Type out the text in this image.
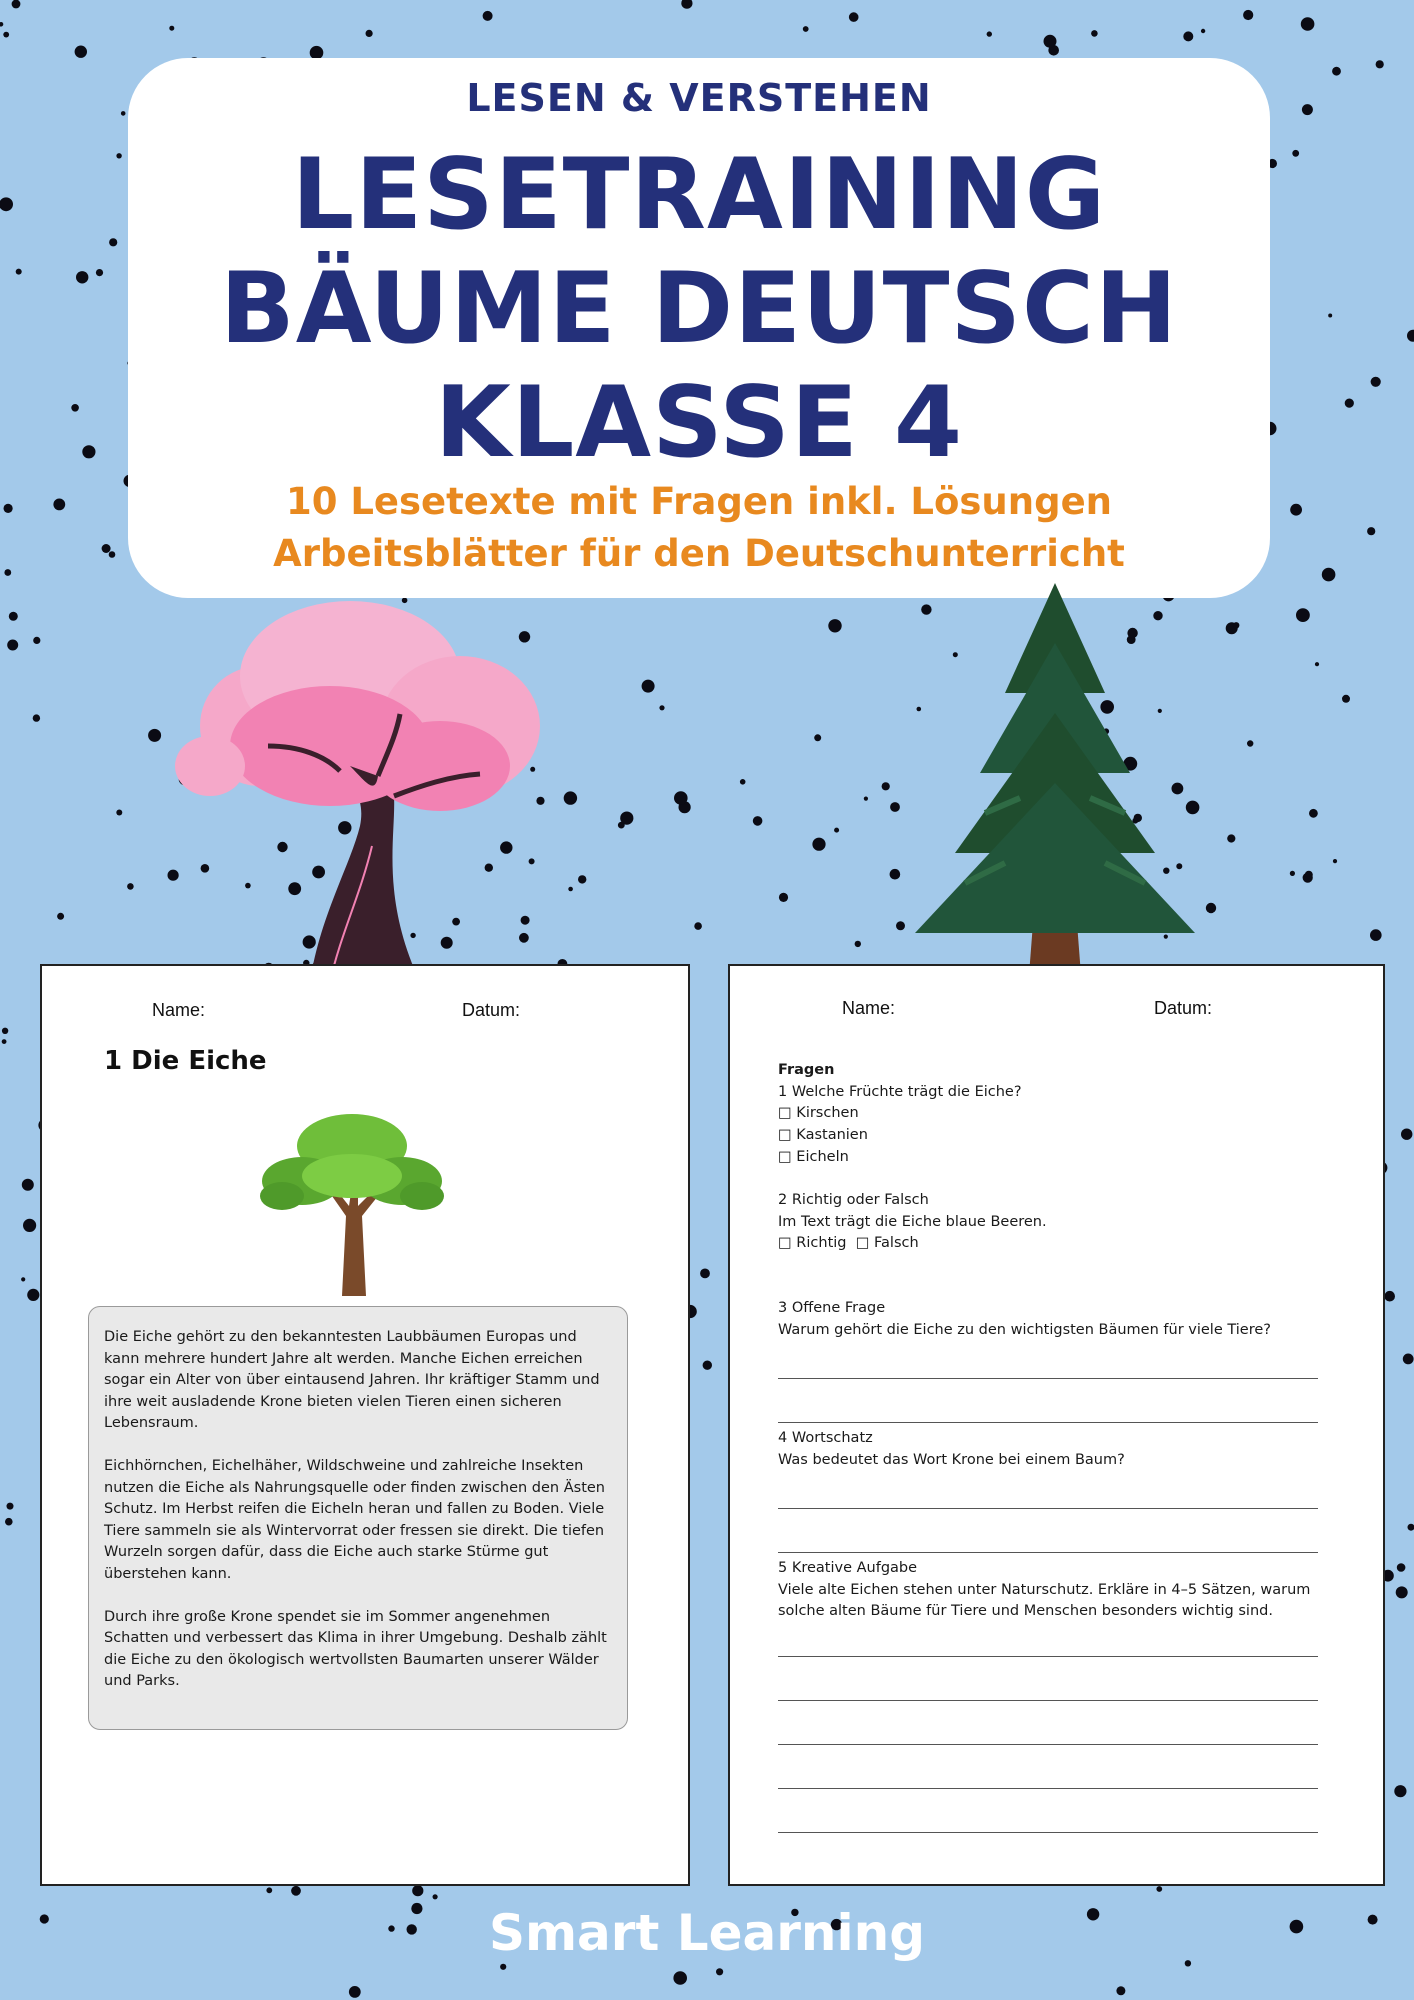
LESEN & VERSTEHEN
LESETRAINING
BÄUME DEUTSCH
KLASSE 4
10 Lesetexte mit Fragen inkl. Lösungen
Arbeitsblätter für den Deutschunterricht
Name:	Datum:
1 Die Eiche

Die Eiche gehört zu den bekanntesten Laubbäumen Europas und
kann mehrere hundert Jahre alt werden. Manche Eichen erreichen
sogar ein Alter von über eintausend Jahren. Ihr kräftiger Stamm und
ihre weit ausladende Krone bieten vielen Tieren einen sicheren
Lebensraum.

Eichhörnchen, Eichelhäher, Wildschweine und zahlreiche Insekten
nutzen die Eiche als Nahrungsquelle oder finden zwischen den Ästen
Schutz. Im Herbst reifen die Eicheln heran und fallen zu Boden. Viele
Tiere sammeln sie als Wintervorrat oder fressen sie direkt. Die tiefen
Wurzeln sorgen dafür, dass die Eiche auch starke Stürme gut
überstehen kann.

Durch ihre große Krone spendet sie im Sommer angenehmen
Schatten und verbessert das Klima in ihrer Umgebung. Deshalb zählt
die Eiche zu den ökologisch wertvollsten Baumarten unserer Wälder
und Parks.

Name:	Datum:
Fragen
1 Welche Früchte trägt die Eiche?
□ Kirschen
□ Kastanien
□ Eicheln
2 Richtig oder Falsch
Im Text trägt die Eiche blaue Beeren.
□ Richtig  □ Falsch
3 Offene Frage
Warum gehört die Eiche zu den wichtigsten Bäumen für viele Tiere?
4 Wortschatz
Was bedeutet das Wort Krone bei einem Baum?
5 Kreative Aufgabe
Viele alte Eichen stehen unter Naturschutz. Erkläre in 4–5 Sätzen, warum
solche alten Bäume für Tiere und Menschen besonders wichtig sind.
Smart Learning
